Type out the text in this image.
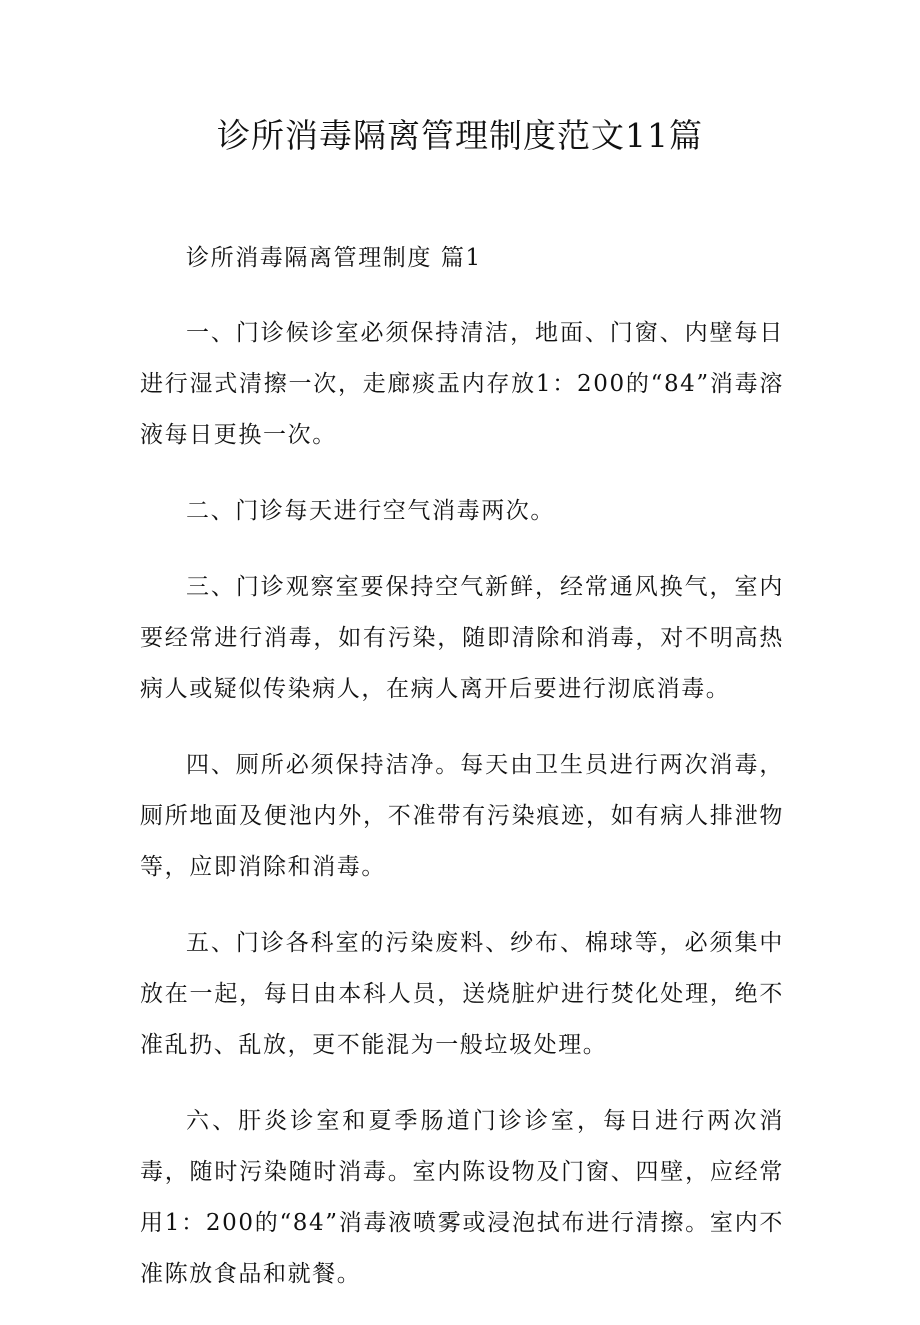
诊所消毒隔离管理制度范文11篇

诊所消毒隔离管理制度 篇1

一、门诊候诊室必须保持清洁，地面、门窗、内壁每日进行湿式清擦一次，走廊痰盂内存放1：200的“84”消毒溶液每日更换一次。

二、门诊每天进行空气消毒两次。

三、门诊观察室要保持空气新鲜，经常通风换气，室内要经常进行消毒，如有污染，随即清除和消毒，对不明高热病人或疑似传染病人，在病人离开后要进行沏底消毒。

四、厕所必须保持洁净。每天由卫生员进行两次消毒，厕所地面及便池内外，不准带有污染痕迹，如有病人排泄物等，应即消除和消毒。

五、门诊各科室的污染废料、纱布、棉球等，必须集中放在一起，每日由本科人员，送烧脏炉进行焚化处理，绝不准乱扔、乱放，更不能混为一般垃圾处理。

六、肝炎诊室和夏季肠道门诊诊室，每日进行两次消毒，随时污染随时消毒。室内陈设物及门窗、四壁，应经常用1：200的“84”消毒液喷雾或浸泡拭布进行清擦。室内不准陈放食品和就餐。
